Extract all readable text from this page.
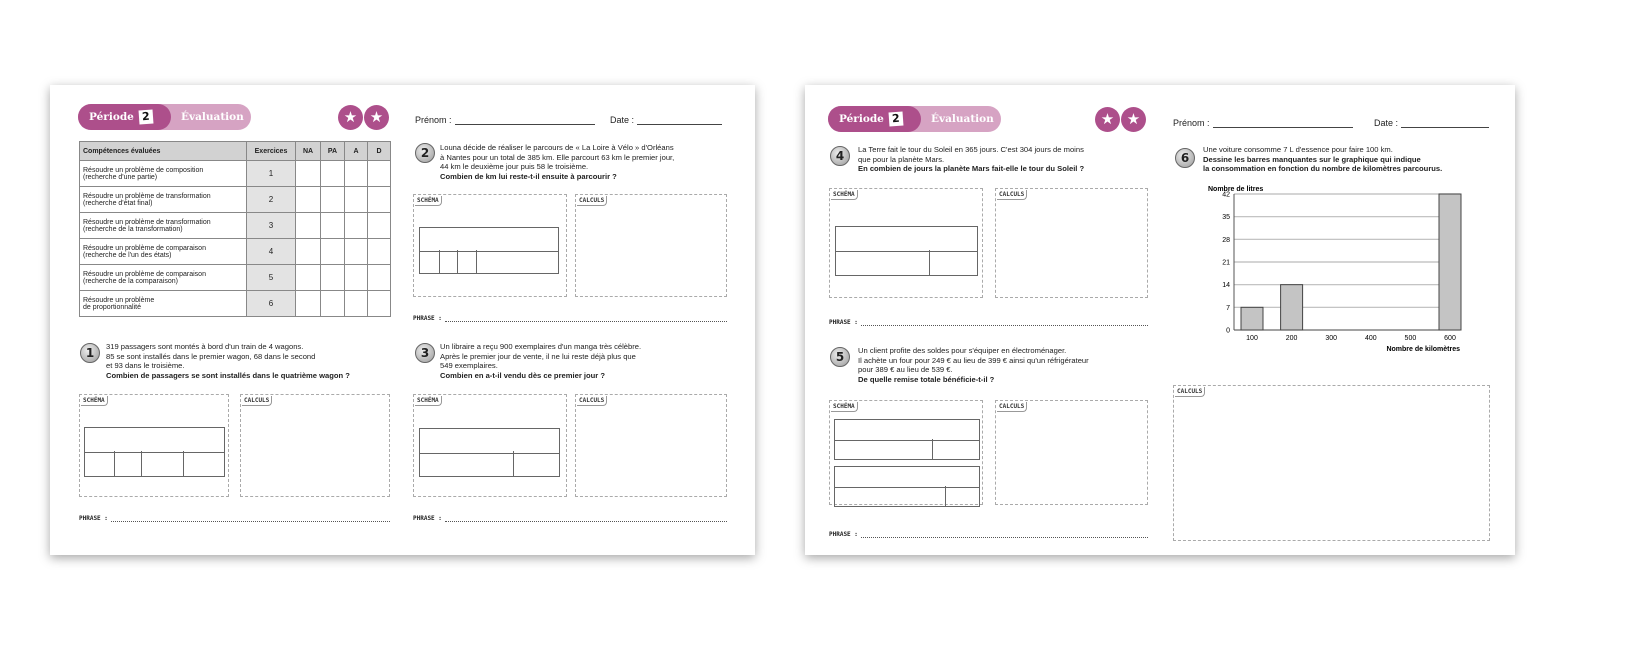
Période 2	Évaluation	★ ★
Compétences évaluées	Exercices	NA	PA	A	D

Résoudre un problème de composition
(recherche d'une partie)	1				

Résoudre un problème de transformation
(recherche d'état final)	2				

Résoudre un problème de transformation
(recherche de la transformation)	3				

Résoudre un problème de comparaison
(recherche de l'un des états)	4				

Résoudre un problème de comparaison
(recherche de la comparaison)	5				

Résoudre un problème
de proportionnalité	6				
Prénom :	Date :
2	Louna décide de réaliser le parcours de « La Loire à Vélo » d'Orléans
à Nantes pour un total de 385 km. Elle parcourt 63 km le premier jour,
44 km le deuxième jour puis 58 le troisième.
Combien de km lui reste-t-il ensuite à parcourir ?
SCHÉMA	CALCULS
PHRASE :
1	319 passagers sont montés à bord d'un train de 4 wagons.
85 se sont installés dans le premier wagon, 68 dans le second
et 93 dans le troisième.
Combien de passagers se sont installés dans le quatrième wagon ?
SCHÉMA	CALCULS
PHRASE :
3	Un libraire a reçu 900 exemplaires d'un manga très célèbre.
Après le premier jour de vente, il ne lui reste déjà plus que
549 exemplaires.
Combien en a-t-il vendu dès ce premier jour ?
SCHÉMA	CALCULS
PHRASE :
Période 2	Évaluation	★ ★	Prénom :	Date :
4	La Terre fait le tour du Soleil en 365 jours. C'est 304 jours de moins
que pour la planète Mars.
En combien de jours la planète Mars fait-elle le tour du Soleil ?
SCHÉMA	CALCULS
PHRASE :
5	Un client profite des soldes pour s'équiper en électroménager.
Il achète un four pour 249 € au lieu de 399 € ainsi qu'un réfrigérateur
pour 389 € au lieu de 539 €.
De quelle remise totale bénéficie-t-il ?
SCHÉMA	CALCULS
PHRASE :
6
Une voiture consomme 7 L d'essence pour faire 100 km.
Dessine les barres manquantes sur le graphique qui indique
la consommation en fonction du nombre de kilomètres parcourus.
Nombre de litres
0
7
14
21
28
35
42
100	200	300	400	500	600
Nombre de kilomètres
CALCULS
